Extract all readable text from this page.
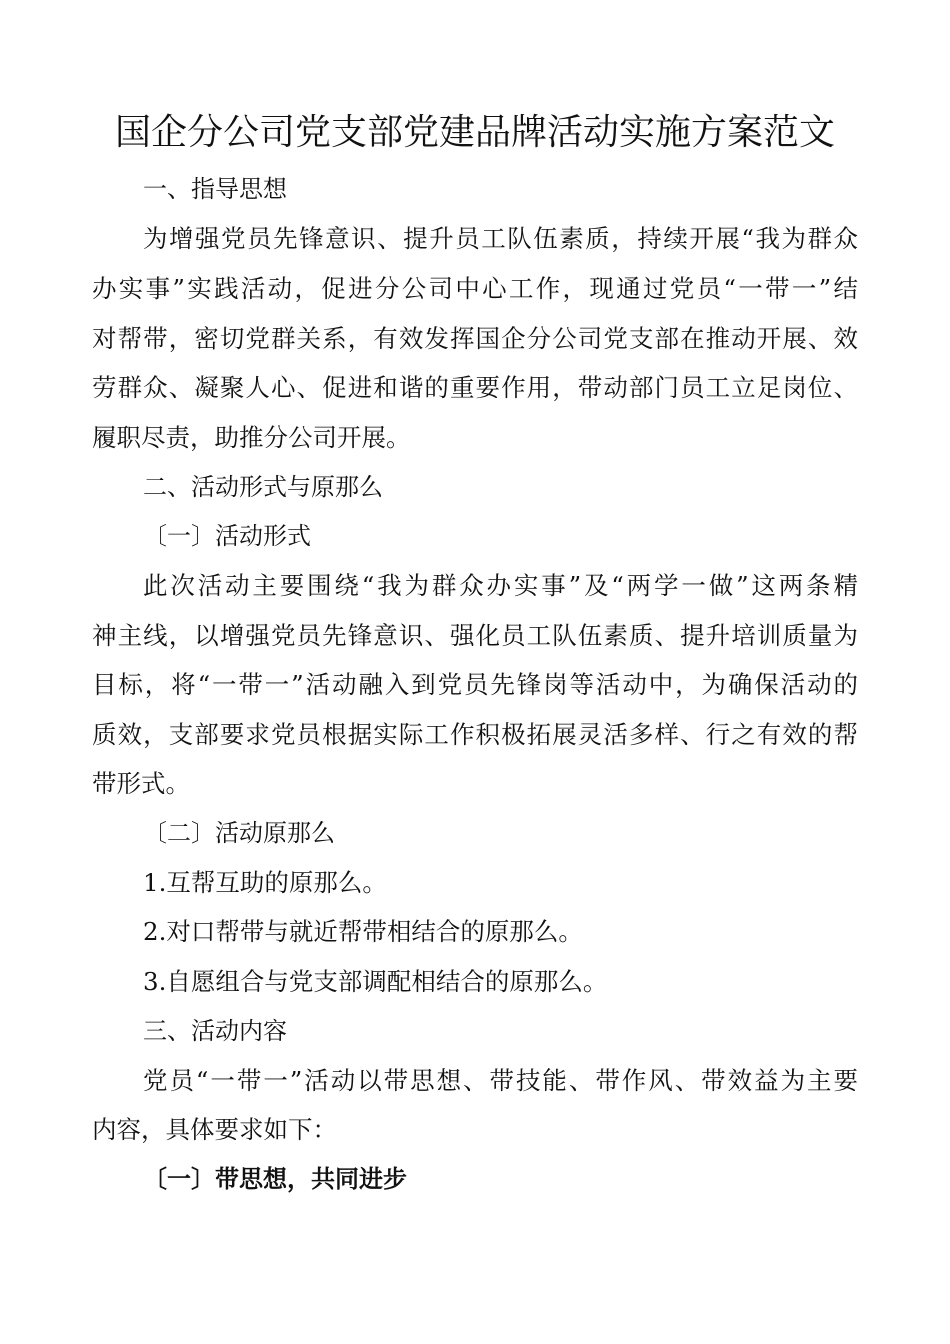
国企分公司党支部党建品牌活动实施方案范文

一、指导思想

为增强党员先锋意识、提升员工队伍素质，持续开展“我为群众

办实事”实践活动，促进分公司中心工作，现通过党员“一带一”结

对帮带，密切党群关系，有效发挥国企分公司党支部在推动开展、效

劳群众、凝聚人心、促进和谐的重要作用，带动部门员工立足岗位、

履职尽责，助推分公司开展。

二、活动形式与原那么

〔一〕活动形式

此次活动主要围绕“我为群众办实事”及“两学一做”这两条精

神主线，以增强党员先锋意识、强化员工队伍素质、提升培训质量为

目标，将“一带一”活动融入到党员先锋岗等活动中，为确保活动的

质效，支部要求党员根据实际工作积极拓展灵活多样、行之有效的帮

带形式。

〔二〕活动原那么

1.互帮互助的原那么。

2.对口帮带与就近帮带相结合的原那么。

3.自愿组合与党支部调配相结合的原那么。

三、活动内容

党员“一带一”活动以带思想、带技能、带作风、带效益为主要

内容，具体要求如下：

〔一〕带思想，共同进步
